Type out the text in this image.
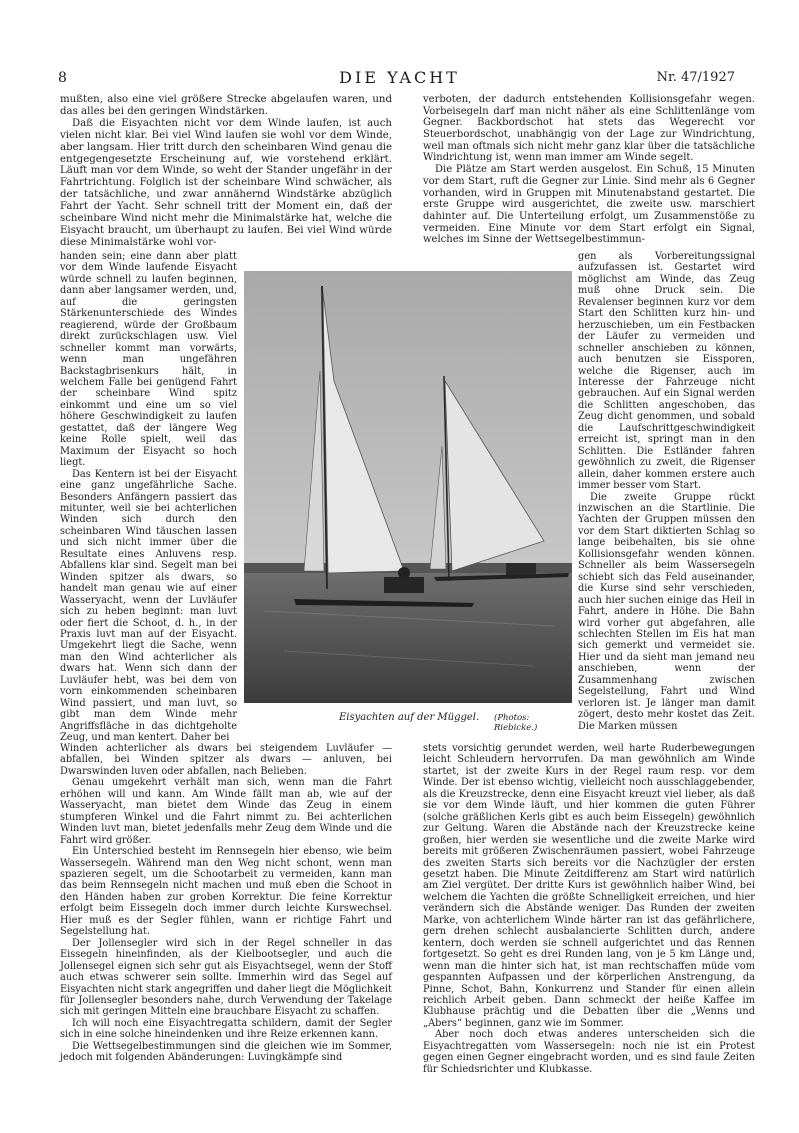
8	DIE YACHT	Nr. 47/1927

mußten, also eine viel größere Strecke abgelaufen waren, und das alles bei den geringen Windstärken.

Daß die Eisyachten nicht vor dem Winde laufen, ist auch vielen nicht klar. Bei viel Wind laufen sie wohl vor dem Winde, aber langsam. Hier tritt durch den scheinbaren Wind genau die entgegengesetzte Erscheinung auf, wie vorstehend erklärt. Läuft man vor dem Winde, so weht der Stander ungefähr in der Fahrtrichtung. Folglich ist der scheinbare Wind schwächer, als der tatsächliche, und zwar annähernd Windstärke abzüglich Fahrt der Yacht. Sehr schnell tritt der Moment ein, daß der scheinbare Wind nicht mehr die Minimalstärke hat, welche die Eisyacht braucht, um überhaupt zu laufen. Bei viel Wind würde diese Minimalstärke wohl vor-

verboten, der dadurch entstehenden Kollisionsgefahr wegen. Vorbeisegeln darf man nicht näher als eine Schlittenlänge vom Gegner. Backbordschot hat stets das Wegerecht vor Steuerbordschot, unabhängig von der Lage zur Windrichtung, weil man oftmals sich nicht mehr ganz klar über die tatsächliche Windrichtung ist, wenn man immer am Winde segelt.

Die Plätze am Start werden ausgelost. Ein Schuß, 15 Minuten vor dem Start, ruft die Gegner zur Linie. Sind mehr als 6 Gegner vorhanden, wird in Gruppen mit Minutenabstand gestartet. Die erste Gruppe wird ausgerichtet, die zweite usw. marschiert dahinter auf. Die Unterteilung erfolgt, um Zusammenstöße zu vermeiden. Eine Minute vor dem Start erfolgt ein Signal, welches im Sinne der Wettsegelbestimmun-

handen sein; eine dann aber platt vor dem Winde laufende Eisyacht würde schnell zu laufen beginnen, dann aber langsamer werden, und, auf die geringsten Stärkenunterschiede des Windes reagierend, würde der Großbaum direkt zurückschlagen usw. Viel schneller kommt man vorwärts, wenn man ungefähren Backstagbrisenkurs hält, in welchem Falle bei genügend Fahrt der scheinbare Wind spitz einkommt und eine um so viel höhere Geschwindigkeit zu laufen gestattet, daß der längere Weg keine Rolle spielt, weil das Maximum der Eisyacht so hoch liegt.

Das Kentern ist bei der Eisyacht eine ganz ungefährliche Sache. Besonders Anfängern passiert das mitunter, weil sie bei achterlichen Winden sich durch den scheinbaren Wind täuschen lassen und sich nicht immer über die Resultate eines Anluvens resp. Abfallens klar sind. Segelt man bei Winden spitzer als dwars, so handelt man genau wie auf einer Wasseryacht, wenn der Luvläufer sich zu heben beginnt: man luvt oder fiert die Schoot, d. h., in der Praxis luvt man auf der Eisyacht. Umgekehrt liegt die Sache, wenn man den Wind achterlicher als dwars hat. Wenn sich dann der Luvläufer hebt, was bei dem von vorn einkommenden scheinbaren Wind passiert, und man luvt, so gibt man dem Winde mehr Angriffsfläche in das dichtgeholte Zeug, und man kentert. Daher bei

gen als Vorbereitungssignal aufzufassen ist. Gestartet wird möglichst am Winde, das Zeug muß ohne Druck sein. Die Revalenser beginnen kurz vor dem Start den Schlitten kurz hin- und herzuschieben, um ein Festbacken der Läufer zu vermeiden und schneller anschieben zu können, auch benutzen sie Eissporen, welche die Rigenser, auch im Interesse der Fahrzeuge nicht gebrauchen. Auf ein Signal werden die Schlitten angeschoben, das Zeug dicht genommen, und sobald die Laufschrittgeschwindigkeit erreicht ist, springt man in den Schlitten. Die Estländer fahren gewöhnlich zu zweit, die Rigenser allein, daher kommen erstere auch immer besser vom Start.

Die zweite Gruppe rückt inzwischen an die Startlinie. Die Yachten der Gruppen müssen den vor dem Start diktierten Schlag so lange beibehalten, bis sie ohne Kollisionsgefahr wenden können. Schneller als beim Wassersegeln schiebt sich das Feld auseinander, die Kurse sind sehr verschieden, auch hier suchen einige das Heil in Fahrt, andere in Höhe. Die Bahn wird vorher gut abgefahren, alle schlechten Stellen im Eis hat man sich gemerkt und vermeidet sie. Hier und da sieht man jemand neu anschieben, wenn der Zusammenhang zwischen Segelstellung, Fahrt und Wind verloren ist. Je länger man damit zögert, desto mehr kostet das Zeit. Die Marken müssen

Eisyachten auf der Müggel. (Photos: Riebicke.)

Winden achterlicher als dwars bei steigendem Luvläufer — abfallen, bei Winden spitzer als dwars — anluven, bei Dwarswinden luven oder abfallen, nach Belieben.

Genau umgekehrt verhält man sich, wenn man die Fahrt erhöhen will und kann. Am Winde fällt man ab, wie auf der Wasseryacht, man bietet dem Winde das Zeug in einem stumpferen Winkel und die Fahrt nimmt zu. Bei achterlichen Winden luvt man, bietet jedenfalls mehr Zeug dem Winde und die Fahrt wird größer.

Ein Unterschied besteht im Rennsegeln hier ebenso, wie beim Wassersegeln. Während man den Weg nicht schont, wenn man spazieren segelt, um die Schootarbeit zu vermeiden, kann man das beim Rennsegeln nicht machen und muß eben die Schoot in den Händen haben zur groben Korrektur. Die feine Korrektur erfolgt beim Eissegeln doch immer durch leichte Kurswechsel. Hier muß es der Segler fühlen, wann er richtige Fahrt und Segelstellung hat.

Der Jollensegler wird sich in der Regel schneller in das Eissegeln hineinfinden, als der Kielbootsegler, und auch die Jollensegel eignen sich sehr gut als Eisyachtsegel, wenn der Stoff auch etwas schwerer sein sollte. Immerhin wird das Segel auf Eisyachten nicht stark angegriffen und daher liegt die Möglichkeit für Jollensegler besonders nahe, durch Verwendung der Takelage sich mit geringen Mitteln eine brauchbare Eisyacht zu schaffen.

Ich will noch eine Eisyachtregatta schildern, damit der Segler sich in eine solche hineindenken und ihre Reize erkennen kann.

Die Wettsegelbestimmungen sind die gleichen wie im Sommer, jedoch mit folgenden Abänderungen: Luvingkämpfe sind

stets vorsichtig gerundet werden, weil harte Ruderbewegungen leicht Schleudern hervorrufen. Da man gewöhnlich am Winde startet, ist der zweite Kurs in der Regel raum resp. vor dem Winde. Der ist ebenso wichtig, vielleicht noch ausschlaggebender, als die Kreuzstrecke, denn eine Eisyacht kreuzt viel lieber, als daß sie vor dem Winde läuft, und hier kommen die guten Führer (solche gräßlichen Kerls gibt es auch beim Eissegeln) gewöhnlich zur Geltung. Waren die Abstände nach der Kreuzstrecke keine großen, hier werden sie wesentliche und die zweite Marke wird bereits mit größeren Zwischenräumen passiert, wobei Fahrzeuge des zweiten Starts sich bereits vor die Nachzügler der ersten gesetzt haben. Die Minute Zeitdifferenz am Start wird natürlich am Ziel vergütet. Der dritte Kurs ist gewöhnlich halber Wind, bei welchem die Yachten die größte Schnelligkeit erreichen, und hier verändern sich die Abstände weniger. Das Runden der zweiten Marke, von achterlichem Winde härter ran ist das gefährlichere, gern drehen schlecht ausbalancierte Schlitten durch, andere kentern, doch werden sie schnell aufgerichtet und das Rennen fortgesetzt. So geht es drei Runden lang, von je 5 km Länge und, wenn man die hinter sich hat, ist man rechtschaffen müde vom gespannten Aufpassen und der körperlichen Anstrengung, da Pinne, Schot, Bahn, Konkurrenz und Stander für einen allein reichlich Arbeit geben. Dann schmeckt der heiße Kaffee im Klubhause prächtig und die Debatten über die „Wenns und „Abers“ beginnen, ganz wie im Sommer.

Aber noch doch etwas anderes unterscheiden sich die Eisyachtregatten vom Wassersegeln: noch nie ist ein Protest gegen einen Gegner eingebracht worden, und es sind faule Zeiten für Schiedsrichter und Klubkasse.
